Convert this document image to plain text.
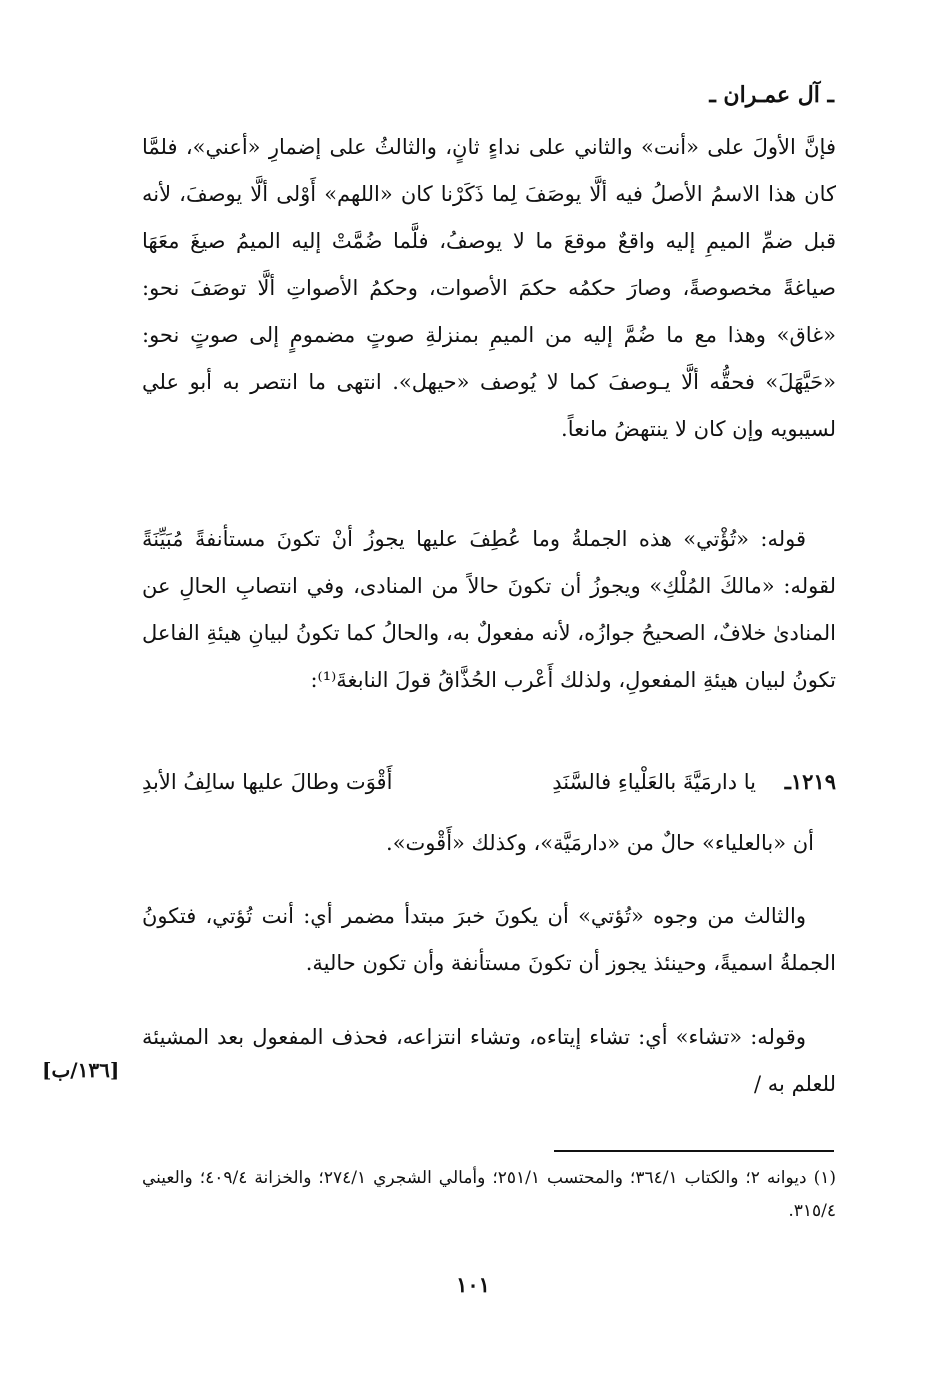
ـ آل عمـران ـ

فإنَّ الأولَ على «أنت» والثاني على نداءٍ ثانٍ، والثالثُ على إضمارِ «أعني»، فلمَّا كان هذا الاسمُ الأصلُ فيه ألَّا يوصَفَ لِما ذَكَرْنا كان «اللهم» أَوْلى ألَّا يوصفَ، لأنه قبل ضمِّ الميمِ إليه واقعٌ موقعَ ما لا يوصفُ، فلَّما ضُمَّتْ إليه الميمُ صيغَ معَهَا صياغةً مخصوصةً، وصارَ حكمُه حكمَ الأصوات، وحكمُ الأصواتِ ألَّا توصَفَ نحو: «غاق» وهذا مع ما ضُمَّ إليه من الميمِ بمنزلةِ صوتٍ مضمومٍ إلى صوتٍ نحو: «حَيَّهَلَ» فحقُّه ألَّا يـوصفَ كما لا يُوصف «حيهل». انتهى ما انتصر به أبو علي لسيبويه وإن كان لا ينتهضُ مانعاً.

قوله: «تُؤْتي» هذه الجملةُ وما عُطِفَ عليها يجوزُ أنْ تكونَ مستأنفةً مُبَيِّنَةً لقوله: «مالكَ المُلْكِ» ويجوزُ أن تكونَ حالاً من المنادى، وفي انتصابِ الحالِ عن المنادىٰ خلافٌ، الصحيحُ جوازُه، لأنه مفعولٌ به، والحالُ كما تكونُ لبيانِ هيئةِ الفاعل تكونُ لبيان هيئةِ المفعولِ، ولذلك أَعْرب الحُذَّاقُ قولَ النابغةَ⁽¹⁾:

١٢١٩ـ
يا دارمَيَّةَ بالعَلْياءِ فالسَّنَدِ
أَقْوَت وطالَ عليها سالِفُ الأبدِ
أن «بالعلياء» حالٌ من «دارمَيَّة»، وكذلك «أَقْوت».

والثالث من وجوه «تُؤتي» أن يكونَ خبرَ مبتدأ مضمر أي: أنت تُؤتي، فتكونُ الجملةُ اسميةً، وحينئذ يجوز أن تكونَ مستأنفة وأن تكون حالية.

وقوله: «تشاء» أي: تشاء إيتاءه، وتشاء انتزاعه، فحذف المفعول بعد المشيئة للعلم به /

[١٣٦/ب]

(١) ديوانه ٢؛ والكتاب ٣٦٤/١؛ والمحتسب ٢٥١/١؛ وأمالي الشجري ٢٧٤/١؛ والخزانة ٤٠٩/٤؛ والعيني ٣١٥/٤.

١٠١
